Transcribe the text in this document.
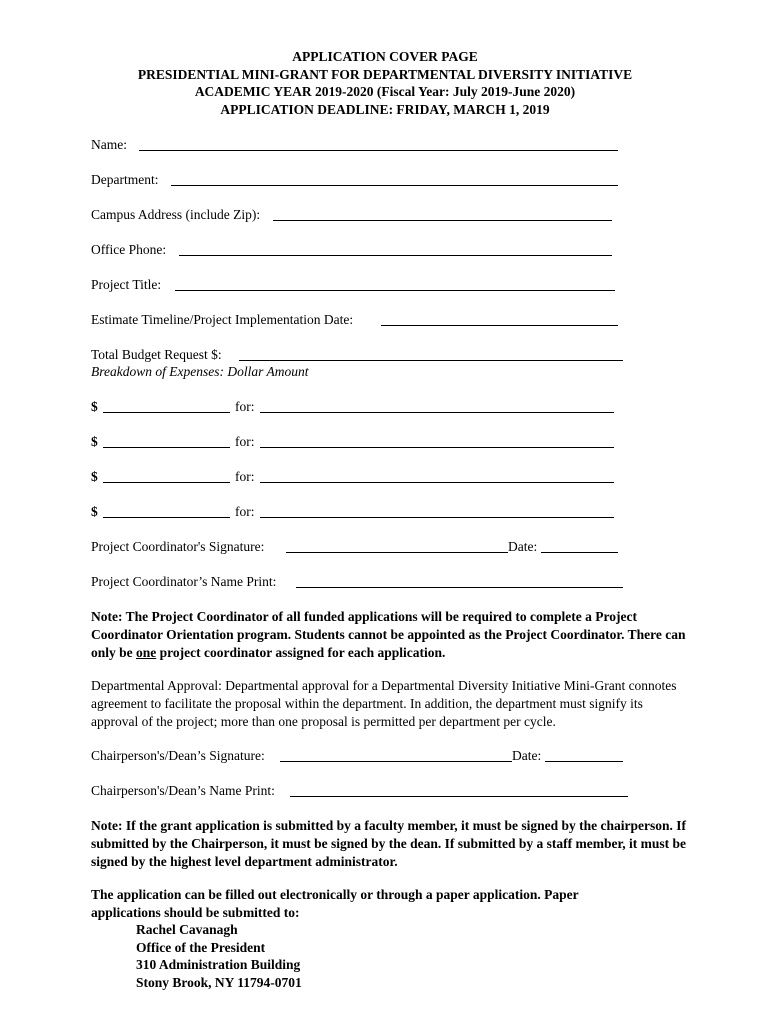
APPLICATION COVER PAGE
PRESIDENTIAL MINI-GRANT FOR DEPARTMENTAL DIVERSITY INITIATIVE
ACADEMIC YEAR 2019-2020 (Fiscal Year: July 2019-June 2020)
APPLICATION DEADLINE: FRIDAY, MARCH 1, 2019
Name:
Department:
Campus Address (include Zip):
Office Phone:
Project Title:
Estimate Timeline/Project Implementation Date:
Total Budget Request $:
Breakdown of Expenses: Dollar Amount
$	for:
$	for:
$	for:
$	for:
Project Coordinator's Signature:	Date:
Project Coordinator’s Name Print:
Note: The Project Coordinator of all funded applications will be required to complete a Project Coordinator Orientation program. Students cannot be appointed as the Project Coordinator. There can only be one project coordinator assigned for each application.
Departmental Approval: Departmental approval for a Departmental Diversity Initiative Mini-Grant connotes agreement to facilitate the proposal within the department. In addition, the department must signify its approval of the project; more than one proposal is permitted per department per cycle.
Chairperson's/Dean’s Signature:	Date:
Chairperson's/Dean’s Name Print:
Note: If the grant application is submitted by a faculty member, it must be signed by the chairperson. If submitted by the Chairperson, it must be signed by the dean. If submitted by a staff member, it must be signed by the highest level department administrator.
The application can be filled out electronically or through a paper application. Paper applications should be submitted to:
Rachel Cavanagh
Office of the President
310 Administration Building
Stony Brook, NY 11794-0701
